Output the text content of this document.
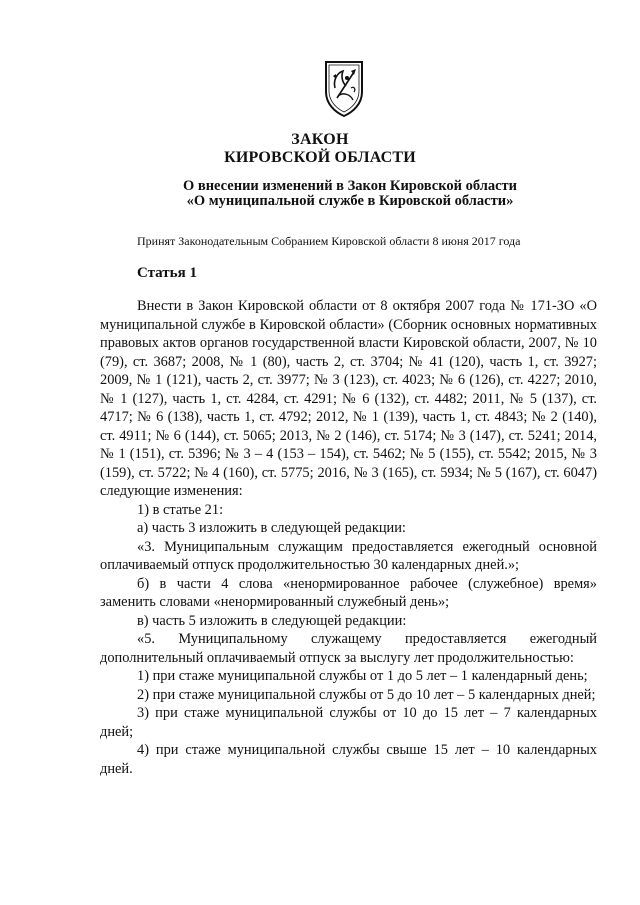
ЗАКОН
КИРОВСКОЙ ОБЛАСТИ
О внесении изменений в Закон Кировской области
«О муниципальной службе в Кировской области»

Принят Законодательным Собранием Кировской области 8 июня 2017 года

Статья 1

Внести в Закон Кировской области от 8 октября 2007 года № 171-ЗО «О муниципальной службе в Кировской области» (Сборник основных нормативных правовых актов органов государственной власти Кировской области, 2007, № 10 (79), ст. 3687; 2008, № 1 (80), часть 2, ст. 3704; № 41 (120), часть 1, ст. 3927; 2009, № 1 (121), часть 2, ст. 3977; № 3 (123), ст. 4023; № 6 (126), ст. 4227; 2010, № 1 (127), часть 1, ст. 4284, ст. 4291; № 6 (132), ст. 4482; 2011, № 5 (137), ст. 4717; № 6 (138), часть 1, ст. 4792; 2012, № 1 (139), часть 1, ст. 4843; № 2 (140), ст. 4911; № 6 (144), ст. 5065; 2013, № 2 (146), ст. 5174; № 3 (147), ст. 5241; 2014, № 1 (151), ст. 5396; № 3 – 4 (153 – 154), ст. 5462; № 5 (155), ст. 5542; 2015, № 3 (159), ст. 5722; № 4 (160), ст. 5775; 2016, № 3 (165), ст. 5934; № 5 (167), ст. 6047) следующие изменения:

1) в статье 21:

а) часть 3 изложить в следующей редакции:

«3. Муниципальным служащим предоставляется ежегодный основной оплачиваемый отпуск продолжительностью 30 календарных дней.»;

б) в части 4 слова «ненормированное рабочее (служебное) время» заменить словами «ненормированный служебный день»;

в) часть 5 изложить в следующей редакции:

«5. Муниципальному служащему предоставляется ежегодный дополнительный оплачиваемый отпуск за выслугу лет продолжительностью:

1) при стаже муниципальной службы от 1 до 5 лет – 1 календарный день;

2) при стаже муниципальной службы от 5 до 10 лет – 5 календарных дней;

3) при стаже муниципальной службы от 10 до 15 лет – 7 календарных дней;

4) при стаже муниципальной службы свыше 15 лет – 10 календарных дней.
